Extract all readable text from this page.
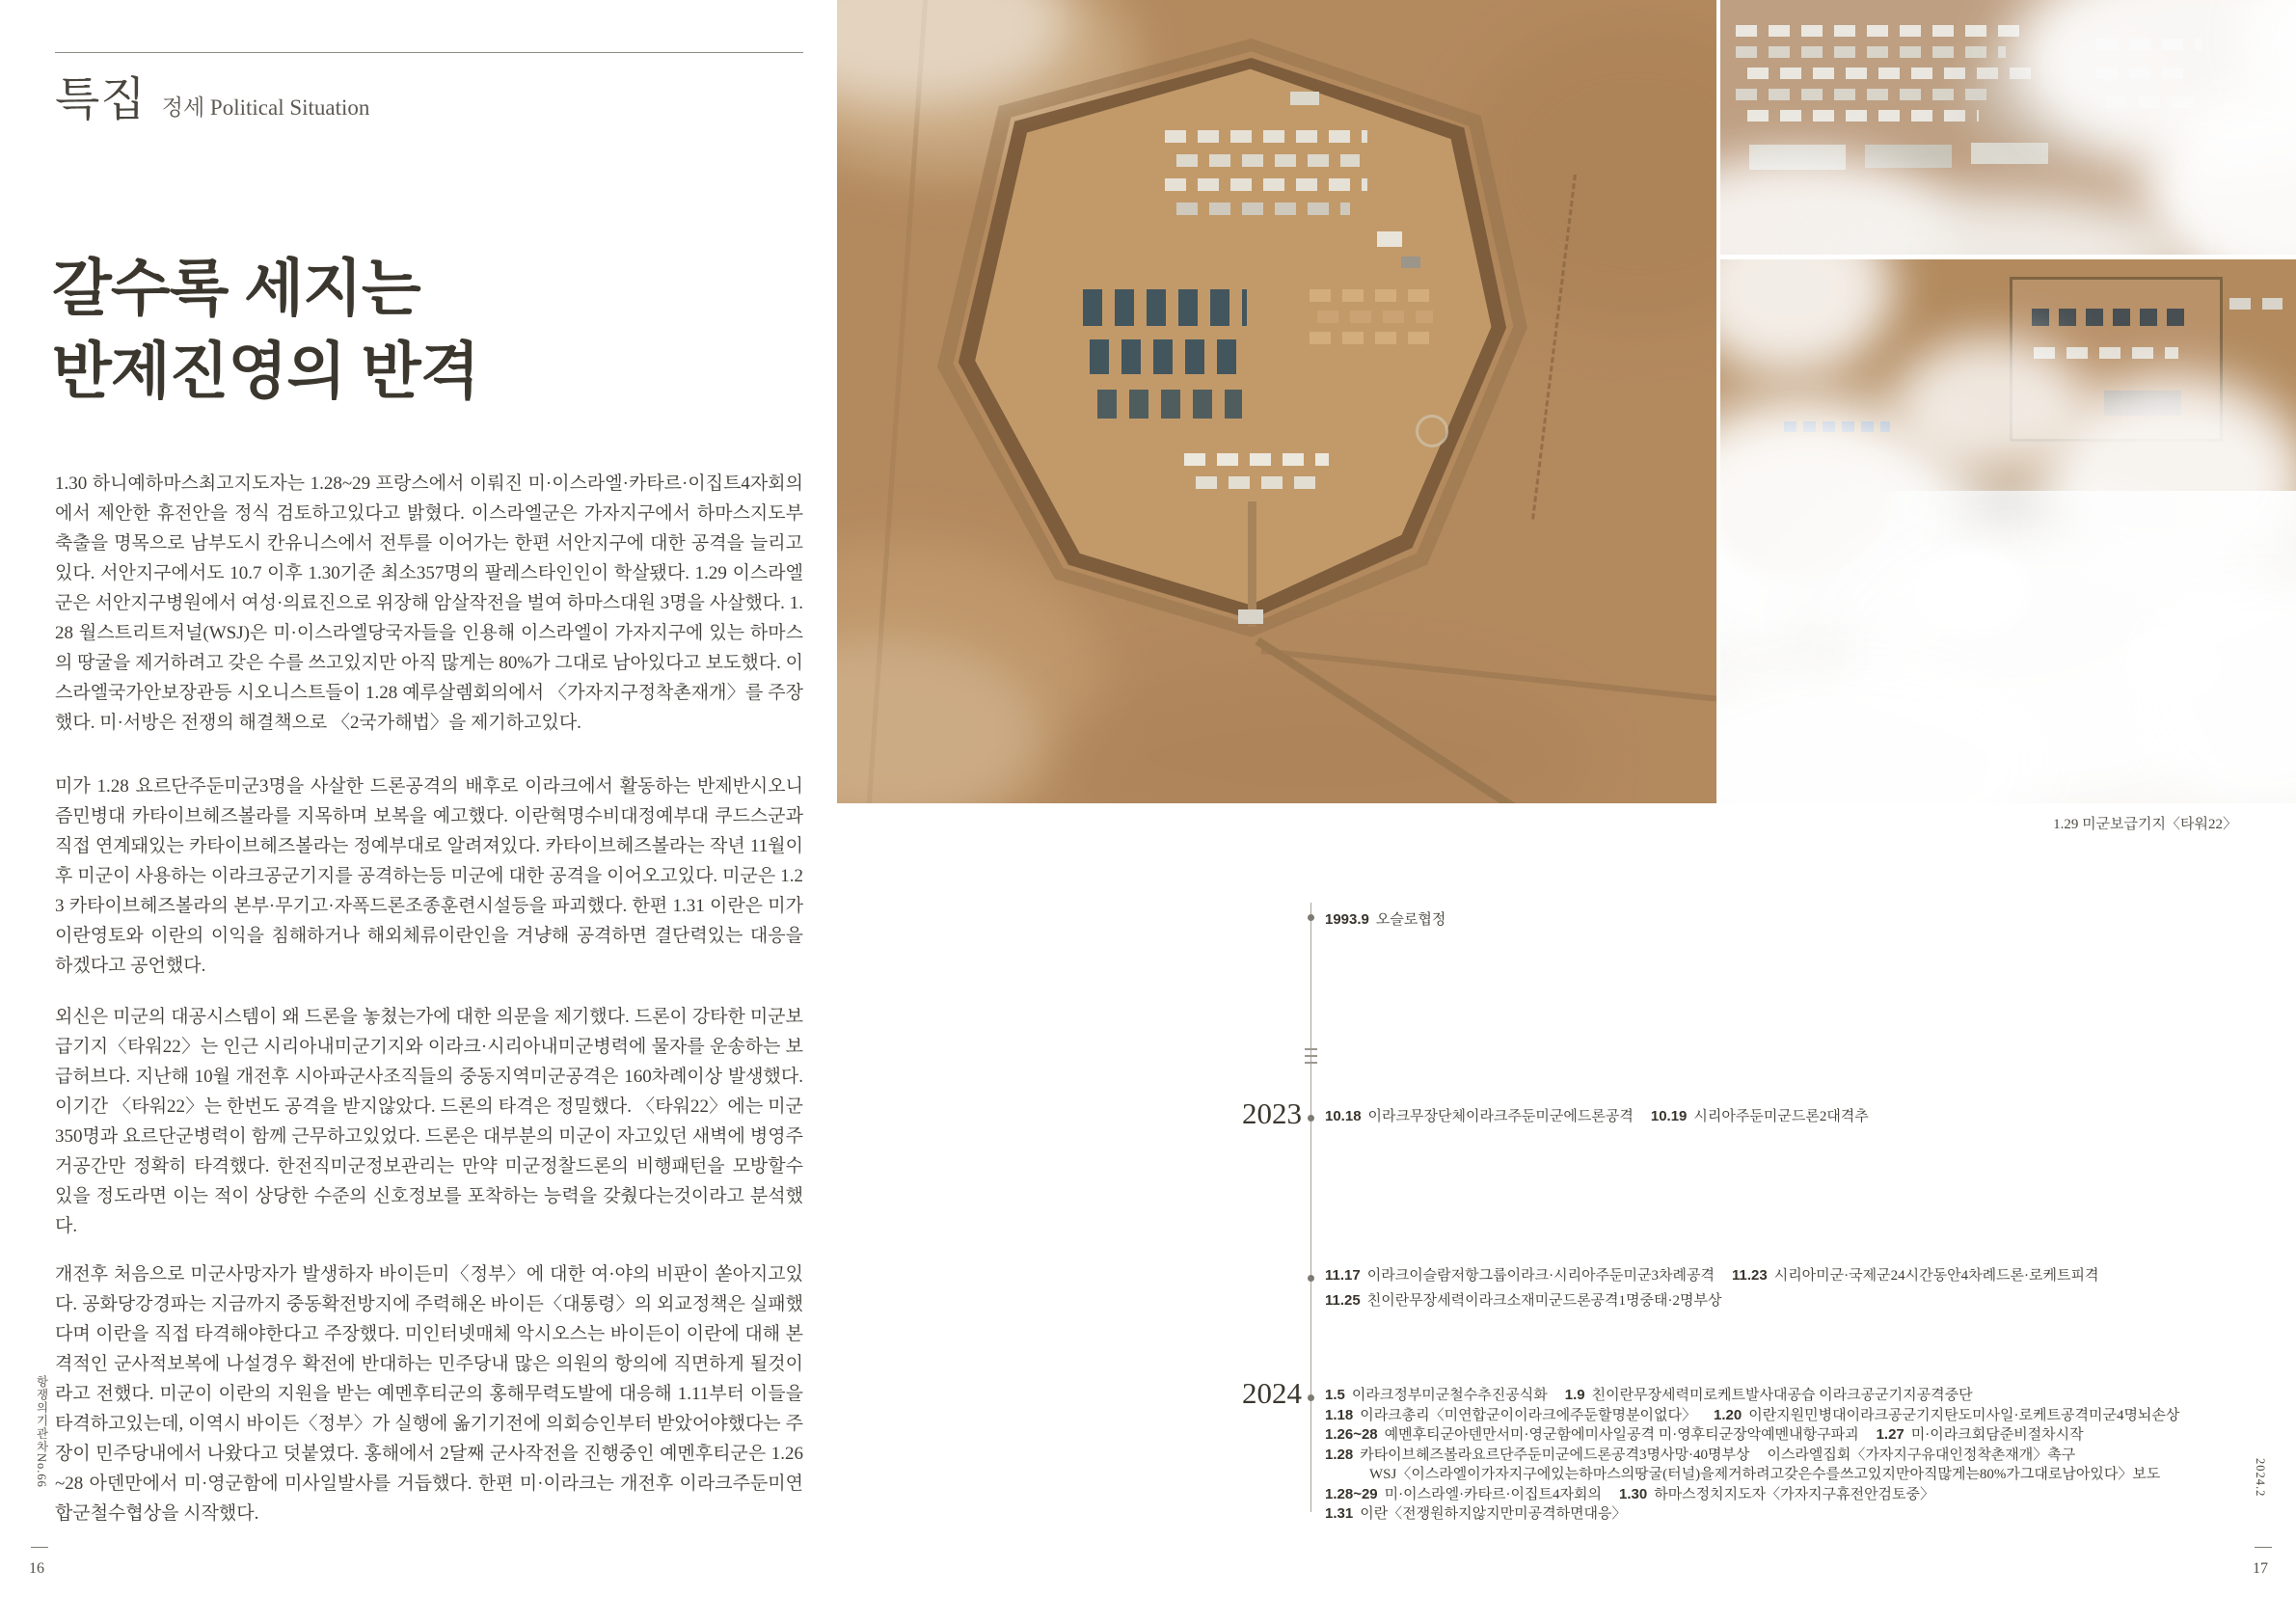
특집 정세 Political Situation
갈수록 세지는
반제진영의 반격

1.30 하니예하마스최고지도자는 1.28~29 프랑스에서 이뤄진 미·이스라엘·카타르·이집트4자회의에서 제안한 휴전안을 정식 검토하고있다고 밝혔다. 이스라엘군은 가자지구에서 하마스지도부축출을 명목으로 남부도시 칸유니스에서 전투를 이어가는 한편 서안지구에 대한 공격을 늘리고있다. 서안지구에서도 10.7 이후 1.30기준 최소357명의 팔레스타인인이 학살됐다. 1.29 이스라엘군은 서안지구병원에서 여성·의료진으로 위장해 암살작전을 벌여 하마스대원 3명을 사살했다. 1.28 월스트리트저널(WSJ)은 미·이스라엘당국자들을 인용해 이스라엘이 가자지구에 있는 하마스의 땅굴을 제거하려고 갖은 수를 쓰고있지만 아직 많게는 80%가 그대로 남아있다고 보도했다. 이스라엘국가안보장관등 시오니스트들이 1.28 예루살렘회의에서 〈가자지구정착촌재개〉를 주장했다. 미·서방은 전쟁의 해결책으로 〈2국가해법〉을 제기하고있다.

미가 1.28 요르단주둔미군3명을 사살한 드론공격의 배후로 이라크에서 활동하는 반제반시오니즘민병대 카타이브헤즈볼라를 지목하며 보복을 예고했다. 이란혁명수비대정예부대 쿠드스군과 직접 연계돼있는 카타이브헤즈볼라는 정예부대로 알려져있다. 카타이브헤즈볼라는 작년 11월이후 미군이 사용하는 이라크공군기지를 공격하는등 미군에 대한 공격을 이어오고있다. 미군은 1.23 카타이브헤즈볼라의 본부·무기고·자폭드론조종훈련시설등을 파괴했다. 한편 1.31 이란은 미가 이란영토와 이란의 이익을 침해하거나 해외체류이란인을 겨냥해 공격하면 결단력있는 대응을 하겠다고 공언했다.

외신은 미군의 대공시스템이 왜 드론을 놓쳤는가에 대한 의문을 제기했다. 드론이 강타한 미군보급기지〈타워22〉는 인근 시리아내미군기지와 이라크·시리아내미군병력에 물자를 운송하는 보급허브다. 지난해 10월 개전후 시아파군사조직들의 중동지역미군공격은 160차례이상 발생했다. 이기간 〈타워22〉는 한번도 공격을 받지않았다. 드론의 타격은 정밀했다. 〈타워22〉에는 미군350명과 요르단군병력이 함께 근무하고있었다. 드론은 대부분의 미군이 자고있던 새벽에 병영주거공간만 정확히 타격했다. 한전직미군정보관리는 만약 미군정찰드론의 비행패턴을 모방할수 있을 정도라면 이는 적이 상당한 수준의 신호정보를 포착하는 능력을 갖췄다는것이라고 분석했다.

개전후 처음으로 미군사망자가 발생하자 바이든미〈정부〉에 대한 여·야의 비판이 쏟아지고있다. 공화당강경파는 지금까지 중동확전방지에 주력해온 바이든〈대통령〉의 외교정책은 실패했다며 이란을 직접 타격해야한다고 주장했다. 미인터넷매체 악시오스는 바이든이 이란에 대해 본격적인 군사적보복에 나설경우 확전에 반대하는 민주당내 많은 의원의 항의에 직면하게 될것이라고 전했다. 미군이 이란의 지원을 받는 예멘후티군의 홍해무력도발에 대응해 1.11부터 이들을 타격하고있는데, 이역시 바이든〈정부〉가 실행에 옮기기전에 의회승인부터 받았어야했다는 주장이 민주당내에서 나왔다고 덧붙였다. 홍해에서 2달째 군사작전을 진행중인 예멘후티군은 1.26~28 아덴만에서 미·영군함에 미사일발사를 거듭했다. 한편 미·이라크는 개전후 이라크주둔미연합군철수협상을 시작했다.

항쟁의기관차No.66
16
1.29 미군보급기지〈타워22〉
2023
2024
1993.9 오슬로협정
10.18 이라크무장단체이라크주둔미군에드론공격 10.19 시리아주둔미군드론2대격추
11.17 이라크이슬람저항그룹이라크·시리아주둔미군3차례공격 11.23 시리아미군·국제군24시간동안4차례드론·로케트피격
11.25 친이란무장세력이라크소재미군드론공격1명중태·2명부상
1.5 이라크정부미군철수추진공식화 1.9 친이란무장세력미로케트발사대공습 이라크공군기지공격중단
1.18 이라크총리〈미연합군이이라크에주둔할명분이없다〉 1.20 이란지원민병대이라크공군기지탄도미사일·로케트공격미군4명뇌손상
1.26~28 예멘후티군아덴만서미·영군함에미사일공격 미·영후티군장악예멘내항구파괴 1.27 미·이라크회담준비절차시작
1.28 카타이브헤즈볼라요르단주둔미군에드론공격3명사망·40명부상 이스라엘집회〈가자지구유대인정착촌재개〉촉구
WSJ〈이스라엘이가자지구에있는하마스의땅굴(터널)을제거하려고갖은수를쓰고있지만아직많게는80%가그대로남아있다〉보도
1.28~29 미·이스라엘·카타르·이집트4자회의 1.30 하마스정치지도자〈가자지구휴전안검토중〉
1.31 이란〈전쟁원하지않지만미공격하면대응〉
2024.2
17
